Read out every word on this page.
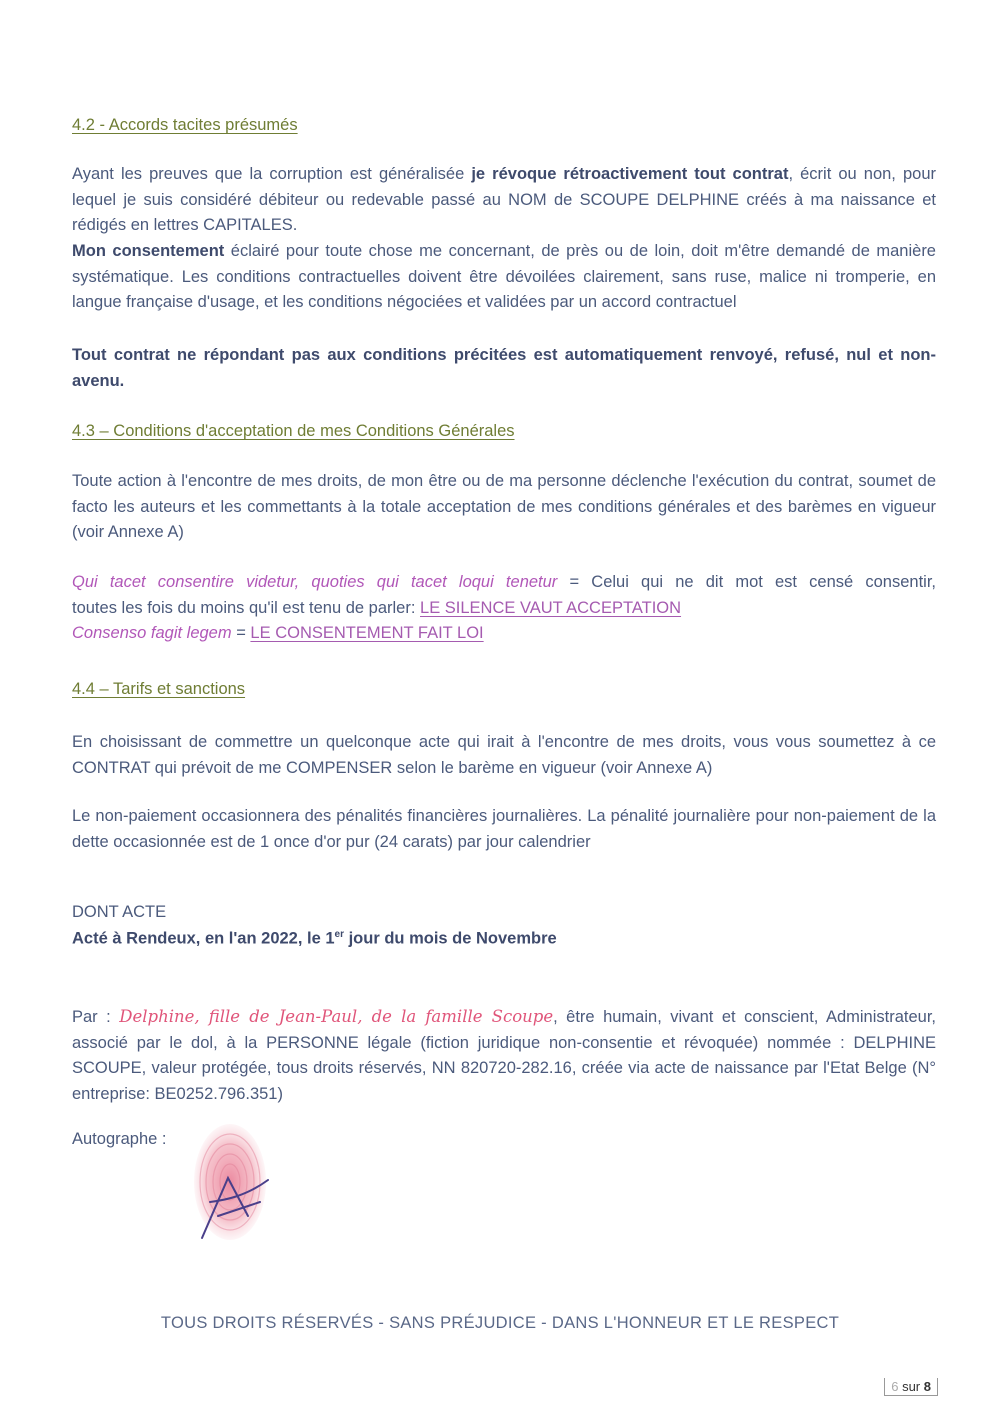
4.2 - Accords tacites présumés
Ayant les preuves que la corruption est généralisée je révoque rétroactivement tout contrat, écrit ou non, pour lequel je suis considéré débiteur ou redevable passé au NOM de SCOUPE DELPHINE créés à ma naissance et rédigés en lettres CAPITALES.
Mon consentement éclairé pour toute chose me concernant, de près ou de loin, doit m'être demandé de manière systématique. Les conditions contractuelles doivent être dévoilées clairement, sans ruse, malice ni tromperie, en langue française d'usage, et les conditions négociées et validées par un accord contractuel
Tout contrat ne répondant pas aux conditions précitées est automatiquement renvoyé, refusé, nul et non-avenu.
4.3 – Conditions d'acceptation de mes Conditions Générales
Toute action à l'encontre de mes droits, de mon être ou de ma personne déclenche l'exécution du contrat, soumet de facto les auteurs et les commettants à la totale acceptation de mes conditions générales et des barèmes en vigueur (voir Annexe A)
Qui tacet consentire videtur, quoties qui tacet loqui tenetur = Celui qui ne dit mot est censé consentir,
toutes les fois du moins qu'il est tenu de parler: LE SILENCE VAUT ACCEPTATION
Consenso fagit legem = LE CONSENTEMENT FAIT LOI
4.4 – Tarifs et sanctions
En choisissant de commettre un quelconque acte qui irait à l'encontre de mes droits, vous vous soumettez à ce CONTRAT qui prévoit de me COMPENSER selon le barème en vigueur (voir Annexe A)
Le non-paiement occasionnera des pénalités financières journalières. La pénalité journalière pour non-paiement de la dette occasionnée est de 1 once d'or pur (24 carats) par jour calendrier
DONT ACTE
Acté à Rendeux, en l'an 2022, le 1er jour du mois de Novembre
Par : Delphine, fille de Jean-Paul, de la famille Scoupe, être humain, vivant et conscient, Administrateur, associé par le dol, à la PERSONNE légale (fiction juridique non-consentie et révoquée) nommée : DELPHINE SCOUPE, valeur protégée, tous droits réservés, NN 820720-282.16, créée via acte de naissance par l'Etat Belge (N° entreprise: BE0252.796.351)
Autographe :
TOUS DROITS RÉSERVÉS - SANS PRÉJUDICE - DANS L'HONNEUR ET LE RESPECT
6 sur 8
